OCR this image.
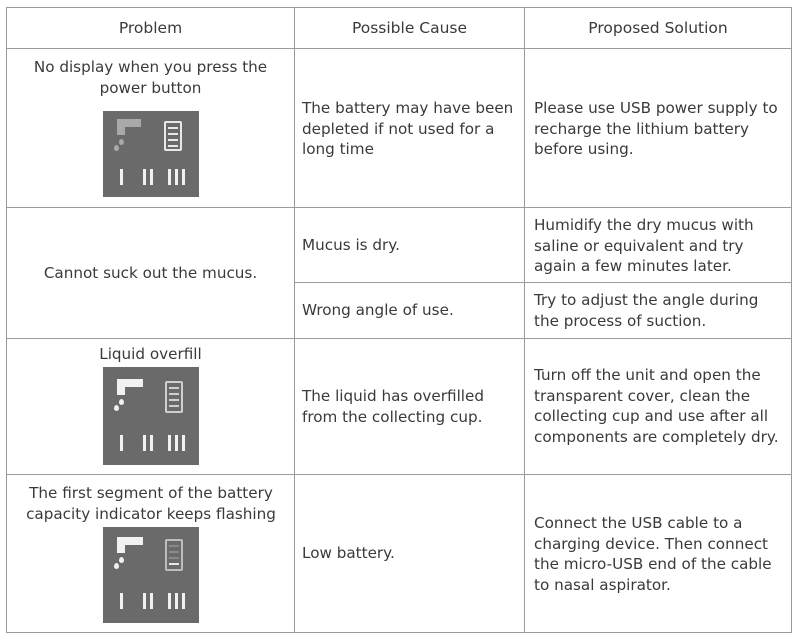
Problem	Possible Cause	Proposed Solution
No display when you press the power button
The battery may have been depleted if not used for a long time
Please use USB power supply to recharge the lithium battery before using.
Cannot suck out the mucus.
Mucus is dry.
Humidify the dry mucus with saline or equivalent and try again a few minutes later.
Wrong angle of use.
Try to adjust the angle during the process of suction.
Liquid overfill
The liquid has overfilled from the collecting cup.
Turn off the unit and open the transparent cover, clean the collecting cup and use after all components are completely dry.
The first segment of the battery capacity indicator keeps flashing
Low battery.
Connect the USB cable to a charging device. Then connect the micro-USB end of the cable to nasal aspirator.
